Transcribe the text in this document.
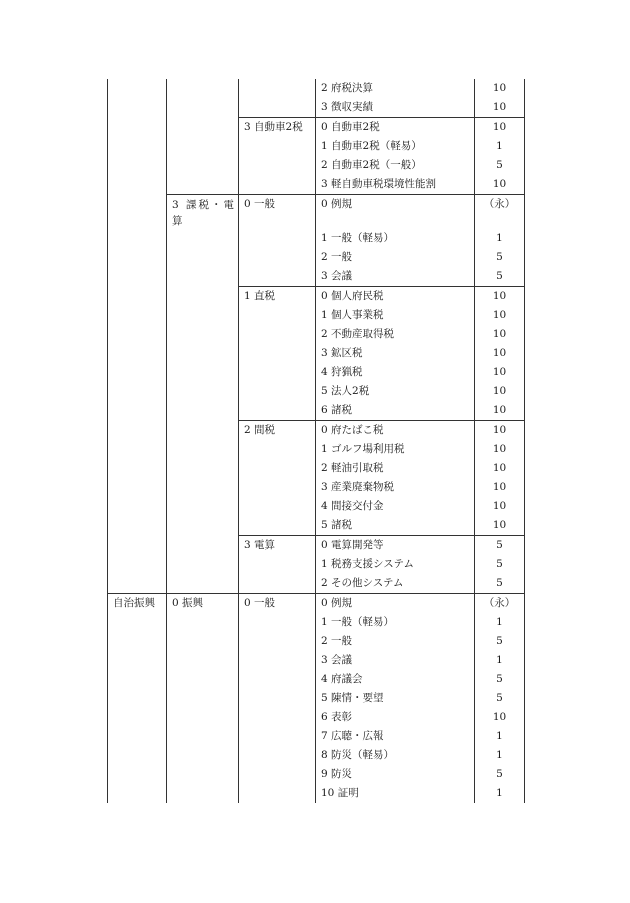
			2 府税決算	10
			3 徴収実績	10
		3 自動車2税	0 自動車2税	10
			1 自動車2税（軽易）	1
			2 自動車2税（一般）	5
			3 軽自動車税環境性能割	10
	3 課税・電算	0 一般	0 例規	（永）
			1 一般（軽易）	1
			2 一般	5
			3 会議	5
		1 直税	0 個人府民税	10
			1 個人事業税	10
			2 不動産取得税	10
			3 鉱区税	10
			4 狩猟税	10
			5 法人2税	10
			6 諸税	10
		2 間税	0 府たばこ税	10
			1 ゴルフ場利用税	10
			2 軽油引取税	10
			3 産業廃棄物税	10
			4 間接交付金	10
			5 諸税	10
		3 電算	0 電算開発等	5
			1 税務支援システム	5
			2 その他システム	5
自治振興	0 振興	0 一般	0 例規	（永）
			1 一般（軽易）	1
			2 一般	5
			3 会議	1
			4 府議会	5
			5 陳情・要望	5
			6 表彰	10
			7 広聴・広報	1
			8 防災（軽易）	1
			9 防災	5
			10 証明	1
